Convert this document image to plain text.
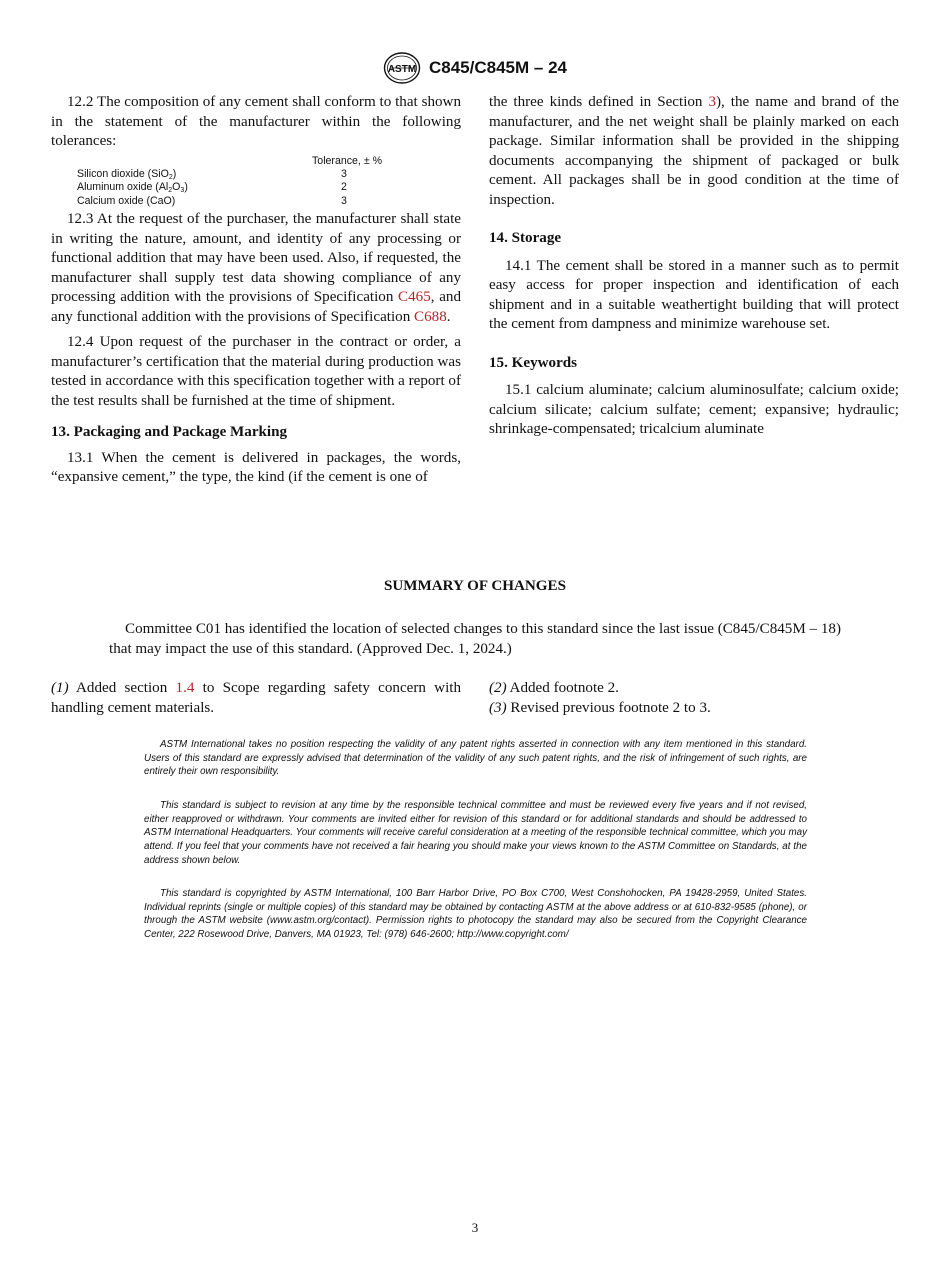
ASTM C845/C845M – 24

12.2 The composition of any cement shall conform to that shown in the statement of the manufacturer within the following tolerances:

Tolerance, ± %
Silicon dioxide (SiO$_2$)	3
Aluminum oxide $(Al_2O_3)$	2
Calcium oxide (CaO)	3

12.3 At the request of the purchaser, the manufacturer shall state in writing the nature, amount, and identity of any processing or functional addition that may have been used. Also, if requested, the manufacturer shall supply test data showing compliance of any processing addition with the provisions of Specification C465, and any functional addition with the provisions of Specification C688.

12.4 Upon request of the purchaser in the contract or order, a manufacturer’s certification that the material during production was tested in accordance with this specification together with a report of the test results shall be furnished at the time of shipment.

13. Packaging and Package Marking

13.1 When the cement is delivered in packages, the words, “expansive cement,” the type, the kind (if the cement is one of

the three kinds defined in Section 3), the name and brand of the manufacturer, and the net weight shall be plainly marked on each package. Similar information shall be provided in the shipping documents accompanying the shipment of packaged or bulk cement. All packages shall be in good condition at the time of inspection.

14. Storage

14.1 The cement shall be stored in a manner such as to permit easy access for proper inspection and identification of each shipment and in a suitable weathertight building that will protect the cement from dampness and minimize warehouse set.

15. Keywords

15.1 calcium aluminate; calcium aluminosulfate; calcium oxide; calcium silicate; calcium sulfate; cement; expansive; hydraulic; shrinkage-compensated; tricalcium aluminate

SUMMARY OF CHANGES

Committee C01 has identified the location of selected changes to this standard since the last issue (C845/C845M – 18) that may impact the use of this standard. (Approved Dec. 1, 2024.)

(1) Added section 1.4 to Scope regarding safety concern with handling cement materials.

(2) Added footnote 2.

(3) Revised previous footnote 2 to 3.

ASTM International takes no position respecting the validity of any patent rights asserted in connection with any item mentioned in this standard. Users of this standard are expressly advised that determination of the validity of any such patent rights, and the risk of infringement of such rights, are entirely their own responsibility.

This standard is subject to revision at any time by the responsible technical committee and must be reviewed every five years and if not revised, either reapproved or withdrawn. Your comments are invited either for revision of this standard or for additional standards and should be addressed to ASTM International Headquarters. Your comments will receive careful consideration at a meeting of the responsible technical committee, which you may attend. If you feel that your comments have not received a fair hearing you should make your views known to the ASTM Committee on Standards, at the address shown below.

This standard is copyrighted by ASTM International, 100 Barr Harbor Drive, PO Box C700, West Conshohocken, PA 19428-2959, United States. Individual reprints (single or multiple copies) of this standard may be obtained by contacting ASTM at the above address or at 610-832-9585 (phone), or through the ASTM website (www.astm.org/contact). Permission rights to photocopy the standard may also be secured from the Copyright Clearance Center, 222 Rosewood Drive, Danvers, MA 01923, Tel: (978) 646-2600; http://www.copyright.com/

3
